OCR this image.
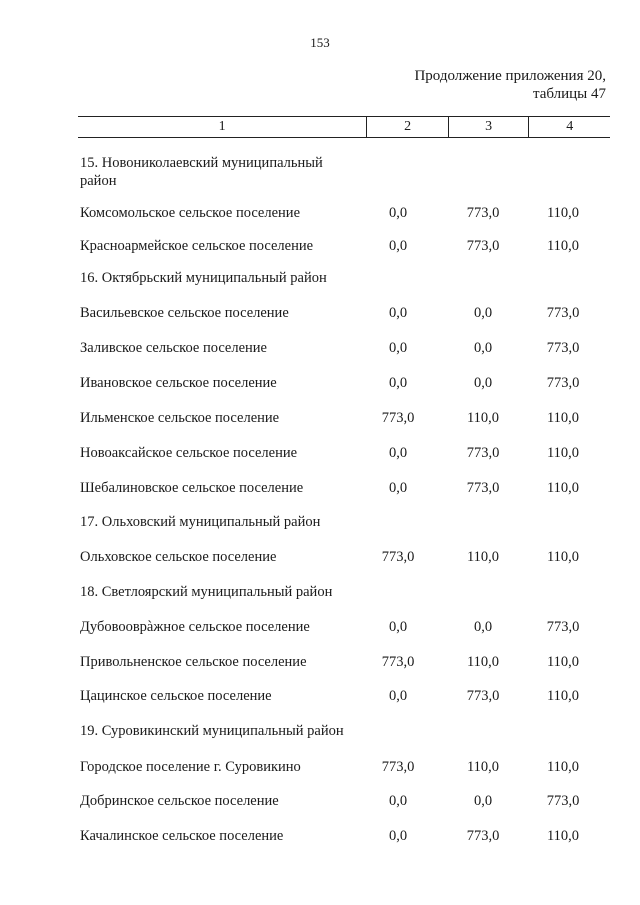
153
Продолжение приложения 20,
таблицы 47
1	2	3	4
15. Новониколаевский муниципальный
район
Комсомольское сельское поселение	0,0	773,0	110,0
Красноармейское сельское поселение	0,0	773,0	110,0
16. Октябрьский муниципальный район
Васильевское сельское поселение	0,0	0,0	773,0
Заливское сельское поселение	0,0	0,0	773,0
Ивановское сельское поселение	0,0	0,0	773,0
Ильменское сельское поселение	773,0	110,0	110,0
Новоаксайское сельское поселение	0,0	773,0	110,0
Шебалиновское сельское поселение	0,0	773,0	110,0
17. Ольховский муниципальный район
Ольховское сельское поселение	773,0	110,0	110,0
18. Светлоярский муниципальный район
Дубовооврàжное сельское поселение	0,0	0,0	773,0
Привольненское сельское поселение	773,0	110,0	110,0
Цацинское сельское поселение	0,0	773,0	110,0
19. Суровикинский муниципальный район
Городское поселение г. Суровикино	773,0	110,0	110,0
Добринское сельское поселение	0,0	0,0	773,0
Качалинское сельское поселение	0,0	773,0	110,0
